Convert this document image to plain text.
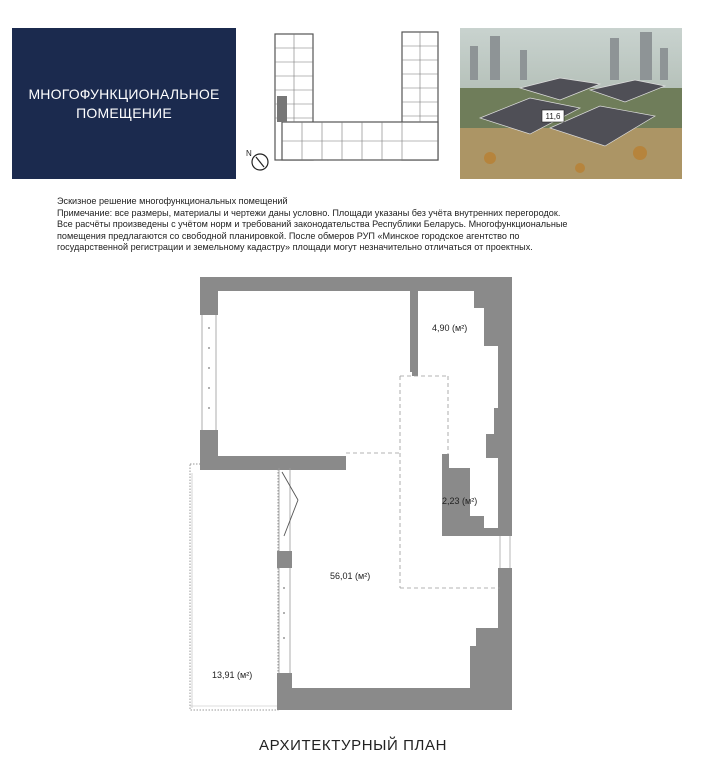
МНОГОФУНКЦИОНАЛЬНОЕ
ПОМЕЩЕНИЕ
N
11,6

Эскизное решение многофункциональных помещений

Примечание: все размеры, материалы и чертежи даны условно. Площади указаны без учёта внутренних перегородок.

Все расчёты произведены с учётом норм и требований законодательства Республики Беларусь. Многофункциональные

помещения предлагаются со свободной планировкой. После обмеров РУП «Минское городское агентство по

государственной регистрации и земельному кадастру» площади могут незначительно отличаться от проектных.

4,90 (м²)
2,23 (м²)
56,01 (м²)
13,91 (м²)
АРХИТЕКТУРНЫЙ ПЛАН
